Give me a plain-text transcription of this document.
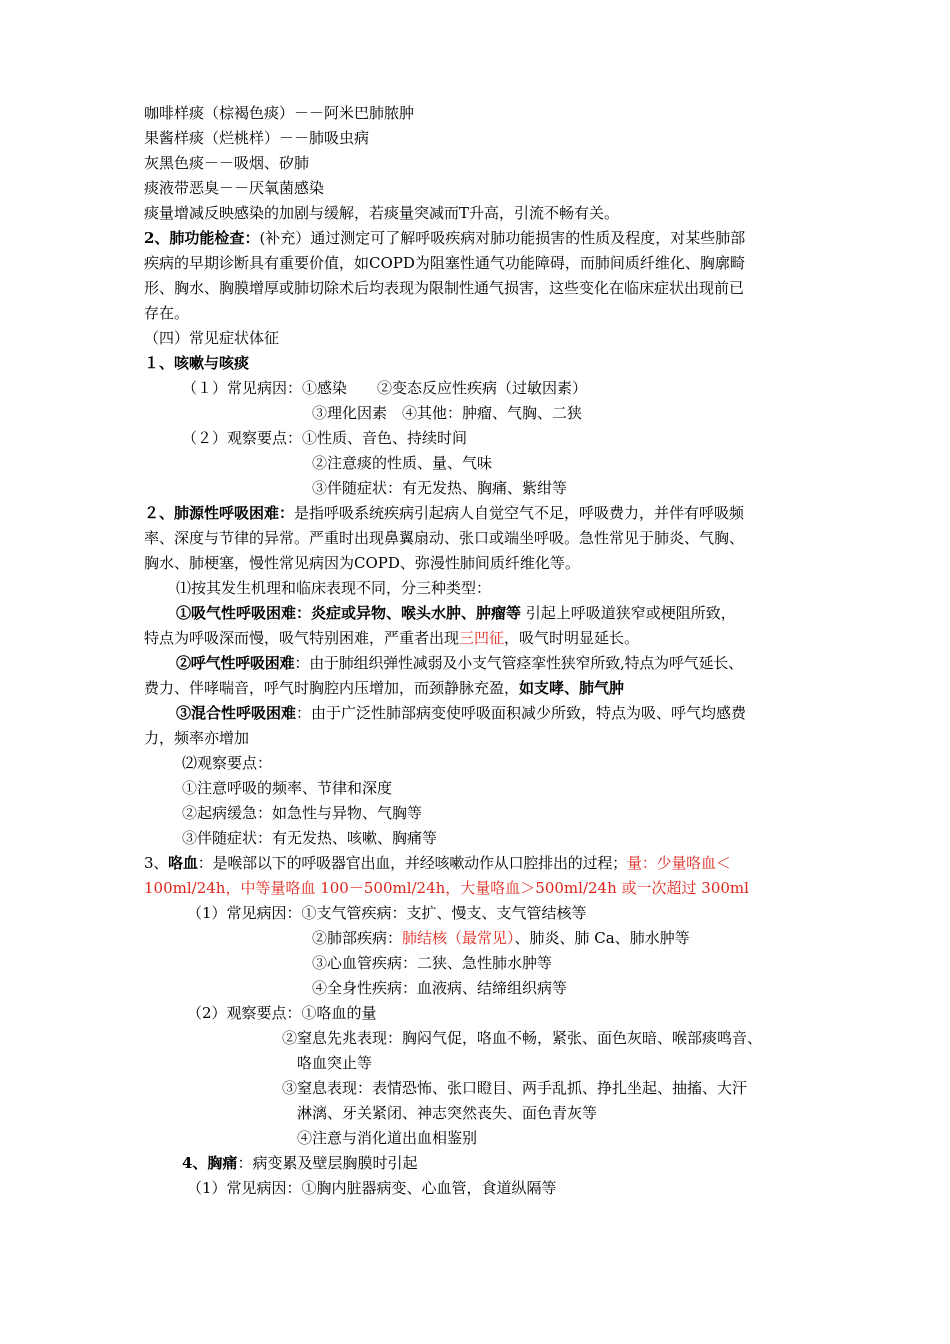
咖啡样痰（棕褐色痰）－－阿米巴肺脓肿
果酱样痰（烂桃样）－－肺吸虫病
灰黑色痰－－吸烟、矽肺
痰液带恶臭－－厌氧菌感染
痰量增减反映感染的加剧与缓解，若痰量突减而T升高，引流不畅有关。
2、肺功能检查：(补充）通过测定可了解呼吸疾病对肺功能损害的性质及程度，对某些肺部
疾病的早期诊断具有重要价值，如COPD为阻塞性通气功能障碍，而肺间质纤维化、胸廓畸
形、胸水、胸膜增厚或肺切除术后均表现为限制性通气损害，这些变化在临床症状出现前已
存在。
（四）常见症状体征
１、咳嗽与咳痰
（１）常见病因：①感染　　②变态反应性疾病（过敏因素）
③理化因素　④其他：肿瘤、气胸、二狭
（２）观察要点：①性质、音色、持续时间
②注意痰的性质、量、气味
③伴随症状：有无发热、胸痛、紫绀等
２、肺源性呼吸困难：是指呼吸系统疾病引起病人自觉空气不足，呼吸费力，并伴有呼吸频
率、深度与节律的异常。严重时出现鼻翼扇动、张口或端坐呼吸。急性常见于肺炎、气胸、
胸水、肺梗塞，慢性常见病因为COPD、弥漫性肺间质纤维化等。
⑴按其发生机理和临床表现不同，分三种类型：
①吸气性呼吸困难：炎症或异物、喉头水肿、肿瘤等 引起上呼吸道狭窄或梗阻所致，
特点为呼吸深而慢，吸气特别困难，严重者出现三凹征，吸气时明显延长。
②呼气性呼吸困难：由于肺组织弹性减弱及小支气管痉挛性狭窄所致,特点为呼气延长、
费力、伴哮喘音，呼气时胸腔内压增加，而颈静脉充盈，如支哮、肺气肿
③混合性呼吸困难：由于广泛性肺部病变使呼吸面积减少所致，特点为吸、呼气均感费
力，频率亦增加
⑵观察要点：
①注意呼吸的频率、节律和深度
②起病缓急：如急性与异物、气胸等
③伴随症状：有无发热、咳嗽、胸痛等
3、咯血：是喉部以下的呼吸器官出血，并经咳嗽动作从口腔排出的过程；量：少量咯血＜
100ml/24h，中等量咯血 100－500ml/24h，大量咯血＞500ml/24h 或一次超过 300ml
（1）常见病因：①支气管疾病：支扩、慢支、支气管结核等
②肺部疾病：肺结核（最常见）、肺炎、肺 Ca、肺水肿等
③心血管疾病：二狭、急性肺水肿等
④全身性疾病：血液病、结缔组织病等
（2）观察要点：①咯血的量
②窒息先兆表现：胸闷气促，咯血不畅，紧张、面色灰暗、喉部痰鸣音、
咯血突止等
③窒息表现：表情恐怖、张口瞪目、两手乱抓、挣扎坐起、抽搐、大汗
淋漓、牙关紧闭、神志突然丧失、面色青灰等
④注意与消化道出血相鉴别
4、胸痛：病变累及壁层胸膜时引起
（1）常见病因：①胸内脏器病变、心血管，食道纵隔等
